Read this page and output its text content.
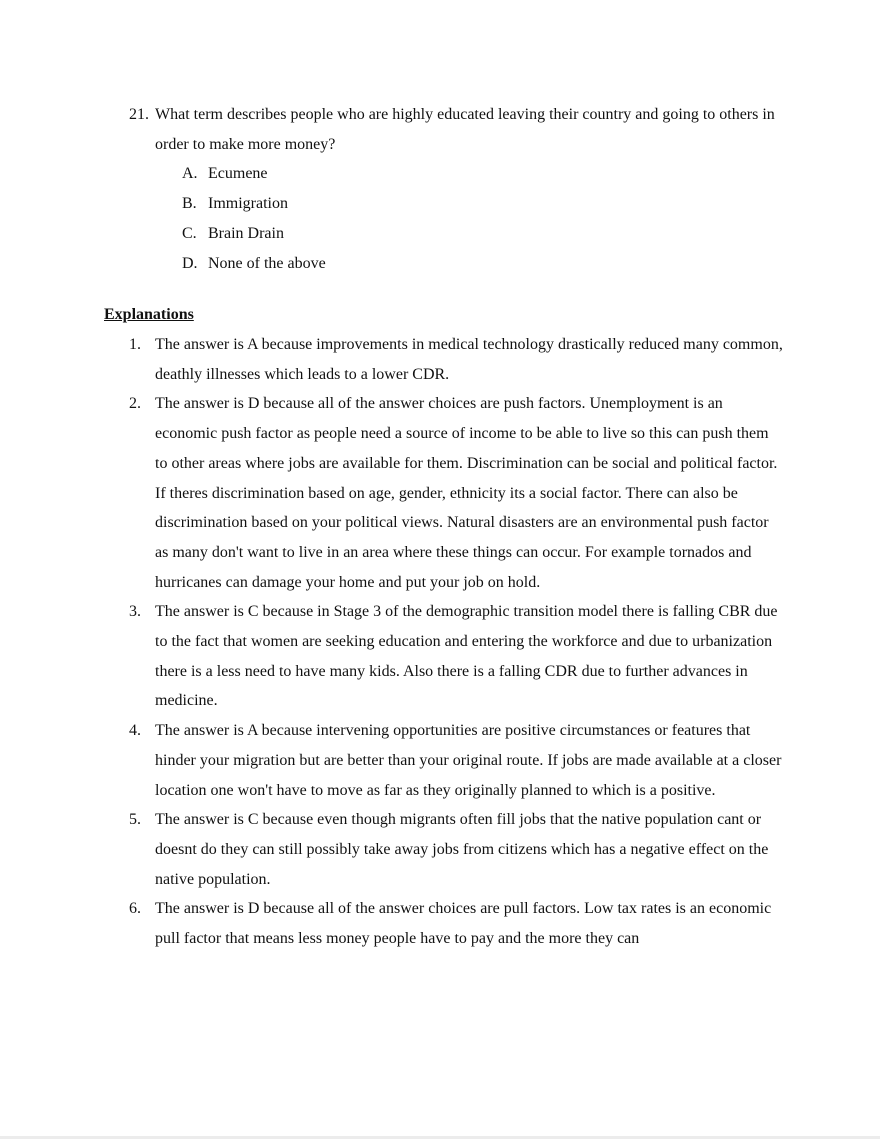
21. What term describes people who are highly educated leaving their country and going to others in order to make more money?
A. Ecumene
B. Immigration
C. Brain Drain
D. None of the above
Explanations
1. The answer is A because improvements in medical technology drastically reduced many common, deathly illnesses which leads to a lower CDR.
2. The answer is D because all of the answer choices are push factors. Unemployment is an economic push factor as people need a source of income to be able to live so this can push them to other areas where jobs are available for them. Discrimination can be social and political factor. If theres discrimination based on age, gender, ethnicity its a social factor. There can also be discrimination based on your political views. Natural disasters are an environmental push factor as many don't want to live in an area where these things can occur. For example tornados and hurricanes can damage your home and put your job on hold.
3. The answer is C because in Stage 3 of the demographic transition model there is falling CBR due to the fact that women are seeking education and entering the workforce and due to urbanization there is a less need to have many kids. Also there is a falling CDR due to further advances in medicine.
4. The answer is A because intervening opportunities are positive circumstances or features that hinder your migration but are better than your original route. If jobs are made available at a closer location one won't have to move as far as they originally planned to which is a positive.
5. The answer is C because even though migrants often fill jobs that the native population cant or doesnt do they can still possibly take away jobs from citizens which has a negative effect on the native population.
6. The answer is D because all of the answer choices are pull factors. Low tax rates is an economic pull factor that means less money people have to pay and the more they can
